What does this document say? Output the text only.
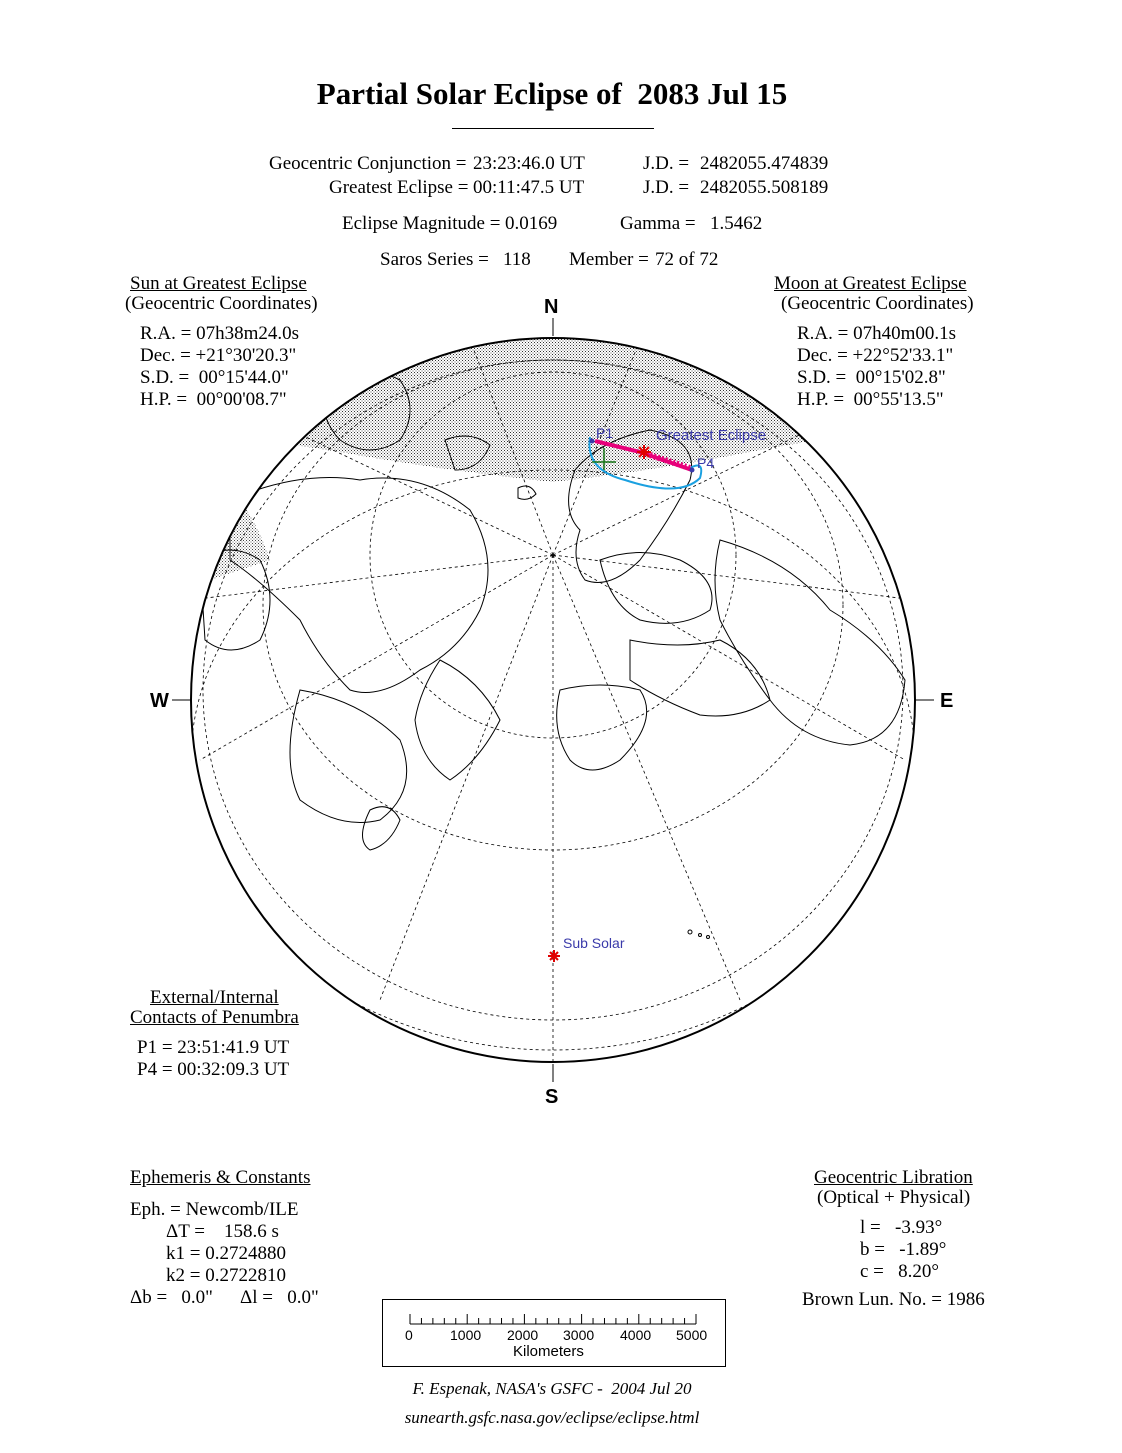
Partial Solar Eclipse of  2083 Jul 15
Geocentric Conjunction = 23:23:46.0 UT	J.D. = 2482055.474839
Greatest Eclipse = 00:11:47.5 UT	J.D. = 2482055.508189
Eclipse Magnitude = 0.0169	Gamma = 1.5462
Saros Series = 118 Member = 72 of 72
Sun at Greatest Eclipse
(Geocentric Coordinates)
R.A. = 07h38m24.0s
Dec. = +21°30'20.3"
S.D. =  00°15'44.0"
H.P. =  00°00'08.7"
Moon at Greatest Eclipse
(Geocentric Coordinates)
R.A. = 07h40m00.1s
Dec. = +22°52'33.1"
S.D. =  00°15'02.8"
H.P. =  00°55'13.5"
N
S
W	E
P1
P4
Greatest Eclipse
Sub Solar
External/Internal
Contacts of Penumbra
P1 = 23:51:41.9 UT
P4 = 00:32:09.3 UT
Ephemeris & Constants
Eph. = Newcomb/ILE
ΔT =    158.6 s
k1 = 0.2724880
k2 = 0.2722810
Δb =   0.0" Δl =   0.0"
Geocentric Libration
(Optical + Physical)
l =   -3.93°
b =   -1.89°
c =   8.20°
Brown Lun. No. = 1986
0	1000 2000 3000 4000 5000
Kilometers
F. Espenak, NASA's GSFC -  2004 Jul 20
sunearth.gsfc.nasa.gov/eclipse/eclipse.html
